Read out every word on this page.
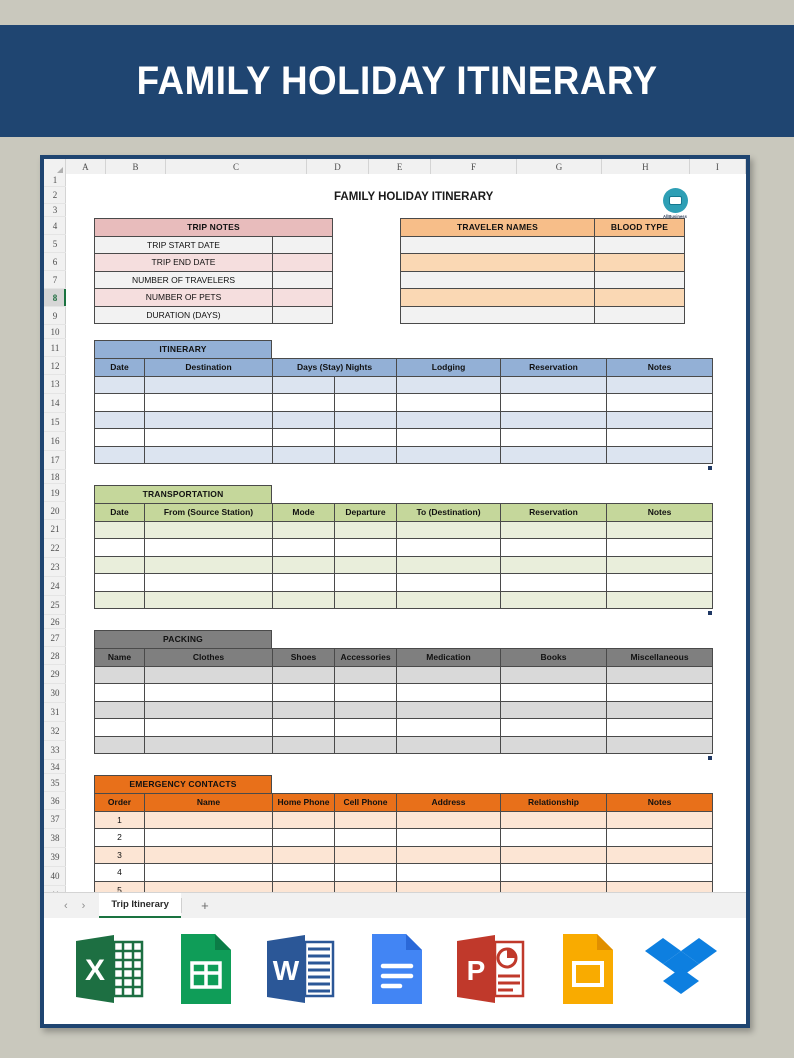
FAMILY HOLIDAY ITINERARY
A	B	C	D	E	F	G	H	I
1
2
3
4
5
6
7
8
9
10
11
12
13
14
15
16
17
18
19
20
21
22
23
24
25
26
27
28
29
30
31
32
33
34
35
36
37
38
39
40
FAMILY HOLIDAY ITINERARY
AllBusiness
TRIP NOTES	
TRIP START DATE	
TRIP END DATE	
NUMBER OF TRAVELERS	
NUMBER OF PETS	
DURATION (DAYS)	
TRAVELER NAMES	BLOOD TYPE

ITINERARY
Date	Destination	Days (Stay) Nights		Lodging	Reservation	Notes

TRANSPORTATION
Date	From (Source Station)	Mode	Departure	To (Destination)	Reservation	Notes

PACKING
Name	Clothes	Shoes	Accessories	Medication	Books	Miscellaneous

EMERGENCY CONTACTS
Order	Name	Home Phone	Cell Phone	Address	Relationship	Notes
1						
2						
3						
4						
5						
‹ ›	Trip Itinerary	+
X	W	P
